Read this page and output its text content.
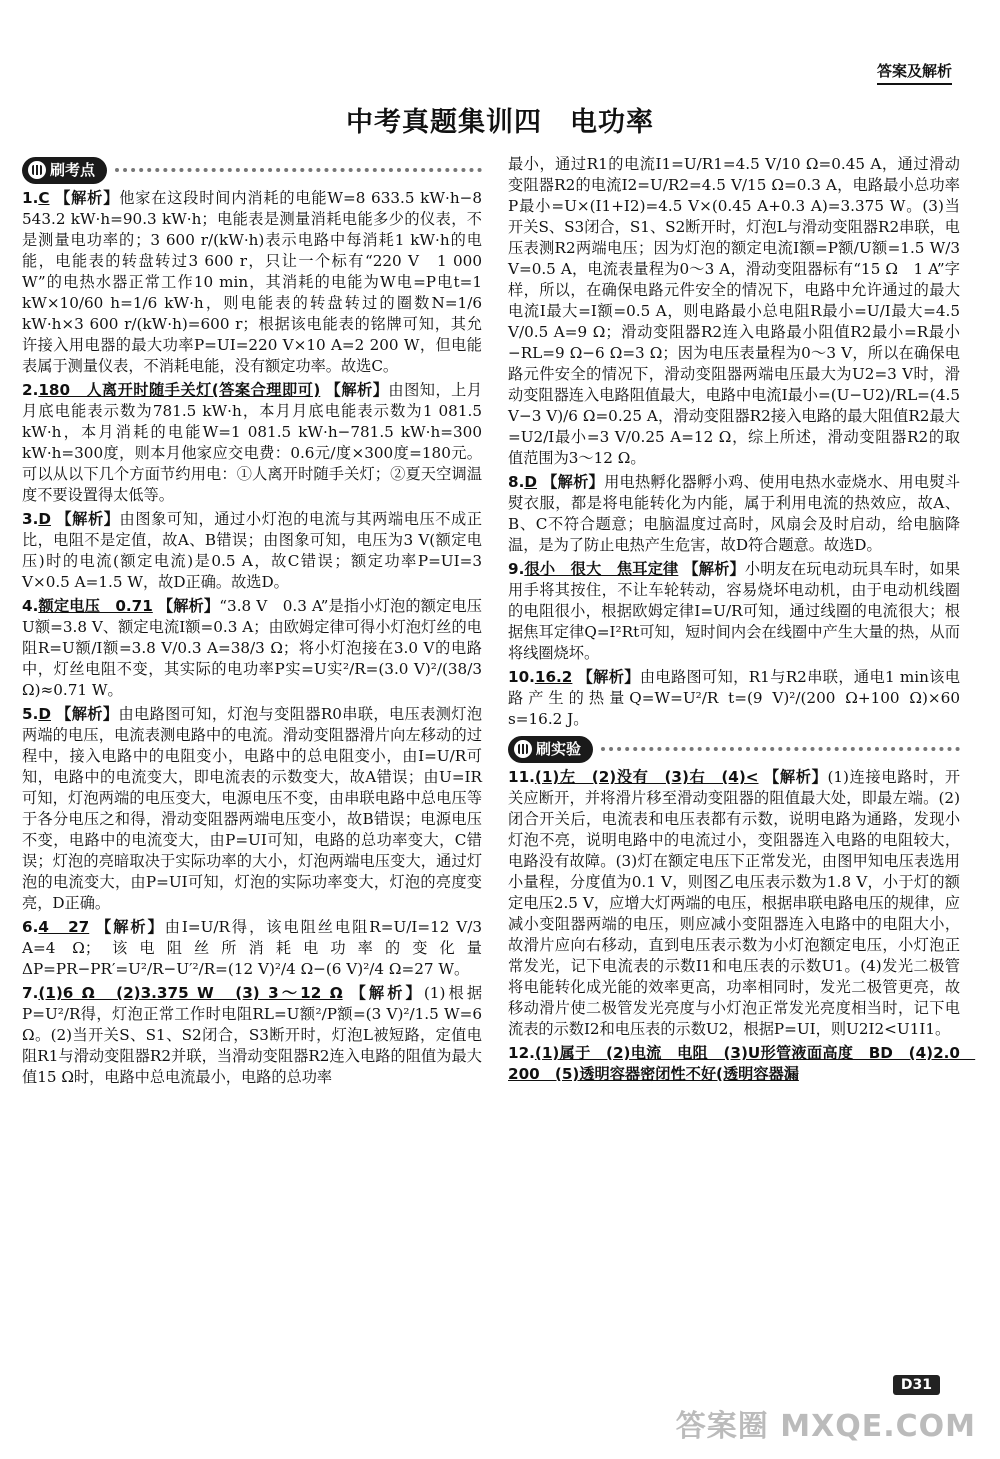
答案及解析
中考真题集训四　电功率
刷考点
1.C 【解析】他家在这段时间内消耗的电能W=8 633.5 kW·h−8 543.2 kW·h=90.3 kW·h；电能表是测量消耗电能多少的仪表，不是测量电功率的；3 600 r/(kW·h)表示电路中每消耗1 kW·h的电能，电能表的转盘转过3 600 r，只让一个标有“220 V　1 000 W”的电热水器正常工作10 min，其消耗的电能为W电=P电t=1 kW×10/60 h=1/6 kW·h，则电能表的转盘转过的圈数N=1/6 kW·h×3 600 r/(kW·h)=600 r；根据该电能表的铭牌可知，其允许接入用电器的最大功率P=UI=220 V×10 A=2 200 W，但电能表属于测量仪表，不消耗电能，没有额定功率。故选C。
2.180　人离开时随手关灯(答案合理即可) 【解析】由图知，上月月底电能表示数为781.5 kW·h，本月月底电能表示数为1 081.5 kW·h，本月消耗的电能W=1 081.5 kW·h−781.5 kW·h=300 kW·h=300度，则本月他家应交电费：0.6元/度×300度=180元。可以从以下几个方面节约用电：①人离开时随手关灯；②夏天空调温度不要设置得太低等。
3.D 【解析】由图象可知，通过小灯泡的电流与其两端电压不成正比，电阻不是定值，故A、B错误；由图象可知，电压为3 V(额定电压)时的电流(额定电流)是0.5 A，故C错误；额定功率P=UI=3 V×0.5 A=1.5 W，故D正确。故选D。
4.额定电压　0.71 【解析】“3.8 V　0.3 A”是指小灯泡的额定电压U额=3.8 V、额定电流I额=0.3 A；由欧姆定律可得小灯泡灯丝的电阻R=U额/I额=3.8 V/0.3 A=38/3 Ω；将小灯泡接在3.0 V的电路中，灯丝电阻不变，其实际的电功率P实=U实²/R=(3.0 V)²/(38/3 Ω)≈0.71 W。
5.D 【解析】由电路图可知，灯泡与变阻器R0串联，电压表测灯泡两端的电压，电流表测电路中的电流。滑动变阻器滑片向左移动的过程中，接入电路中的电阻变小，电路中的总电阻变小，由I=U/R可知，电路中的电流变大，即电流表的示数变大，故A错误；由U=IR可知，灯泡两端的电压变大，电源电压不变，由串联电路中总电压等于各分电压之和得，滑动变阻器两端电压变小，故B错误；电源电压不变，电路中的电流变大，由P=UI可知，电路的总功率变大，C错误；灯泡的亮暗取决于实际功率的大小，灯泡两端电压变大，通过灯泡的电流变大，由P=UI可知，灯泡的实际功率变大，灯泡的亮度变亮，D正确。
6.4　27 【解析】由I=U/R得，该电阻丝电阻R=U/I=12 V/3 A=4 Ω；该电阻丝所消耗电功率的变化量ΔP=PR−PR′=U²/R−U′²/R=(12 V)²/4 Ω−(6 V)²/4 Ω=27 W。
7.(1)6 Ω　(2)3.375 W　(3) 3～12 Ω 【解析】(1)根据P=U²/R得，灯泡正常工作时电阻RL=U额²/P额=(3 V)²/1.5 W=6 Ω。(2)当开关S、S1、S2闭合，S3断开时，灯泡L被短路，定值电阻R1与滑动变阻器R2并联，当滑动变阻器R2连入电路的阻值为最大值15 Ω时，电路中总电流最小，电路的总功率
最小，通过R1的电流I1=U/R1=4.5 V/10 Ω=0.45 A，通过滑动变阻器R2的电流I2=U/R2=4.5 V/15 Ω=0.3 A，电路最小总功率P最小=U×(I1+I2)=4.5 V×(0.45 A+0.3 A)=3.375 W。(3)当开关S、S3闭合，S1、S2断开时，灯泡L与滑动变阻器R2串联，电压表测R2两端电压；因为灯泡的额定电流I额=P额/U额=1.5 W/3 V=0.5 A，电流表量程为0～3 A，滑动变阻器标有“15 Ω　1 A”字样，所以，在确保电路元件安全的情况下，电路中允许通过的最大电流I最大=I额=0.5 A，则电路最小总电阻R最小=U/I最大=4.5 V/0.5 A=9 Ω；滑动变阻器R2连入电路最小阻值R2最小=R最小−RL=9 Ω−6 Ω=3 Ω；因为电压表量程为0～3 V，所以在确保电路元件安全的情况下，滑动变阻器两端电压最大为U2=3 V时，滑动变阻器连入电路阻值最大，电路中电流I最小=(U−U2)/RL=(4.5 V−3 V)/6 Ω=0.25 A，滑动变阻器R2接入电路的最大阻值R2最大=U2/I最小=3 V/0.25 A=12 Ω，综上所述，滑动变阻器R2的取值范围为3～12 Ω。
8.D 【解析】用电热孵化器孵小鸡、使用电热水壶烧水、用电熨斗熨衣服，都是将电能转化为内能，属于利用电流的热效应，故A、B、C不符合题意；电脑温度过高时，风扇会及时启动，给电脑降温，是为了防止电热产生危害，故D符合题意。故选D。
9.很小　很大　焦耳定律 【解析】小明友在玩电动玩具车时，如果用手将其按住，不让车轮转动，容易烧坏电动机，由于电动机线圈的电阻很小，根据欧姆定律I=U/R可知，通过线圈的电流很大；根据焦耳定律Q=I²Rt可知，短时间内会在线圈中产生大量的热，从而将线圈烧坏。
10.16.2 【解析】由电路图可知，R1与R2串联，通电1 min该电路产生的热量Q=W=U²/R t=(9 V)²/(200 Ω+100 Ω)×60 s=16.2 J。
刷实验
11.(1)左　(2)没有　(3)右　(4)< 【解析】(1)连接电路时，开关应断开，并将滑片移至滑动变阻器的阻值最大处，即最左端。(2)闭合开关后，电流表和电压表都有示数，说明电路为通路，发现小灯泡不亮，说明电路中的电流过小，变阻器连入电路的电阻较大，电路没有故障。(3)灯在额定电压下正常发光，由图甲知电压表选用小量程，分度值为0.1 V，则图乙电压表示数为1.8 V，小于灯的额定电压2.5 V，应增大灯两端的电压，根据串联电路电压的规律，应减小变阻器两端的电压，则应减小变阻器连入电路中的电阻大小，故滑片应向右移动，直到电压表示数为小灯泡额定电压，小灯泡正常发光，记下电流表的示数I1和电压表的示数U1。(4)发光二极管将电能转化成光能的效率更高，功率相同时，发光二极管更亮，故移动滑片使二极管发光亮度与小灯泡正常发光亮度相当时，记下电流表的示数I2和电压表的示数U2，根据P=UI，则U2I2<U1I1。
12.(1)属于　(2)电流　电阻　(3)U形管液面高度　BD　(4)2.0　200　(5)透明容器密闭性不好(透明容器漏
D31
答案圈 MXQE.COM
